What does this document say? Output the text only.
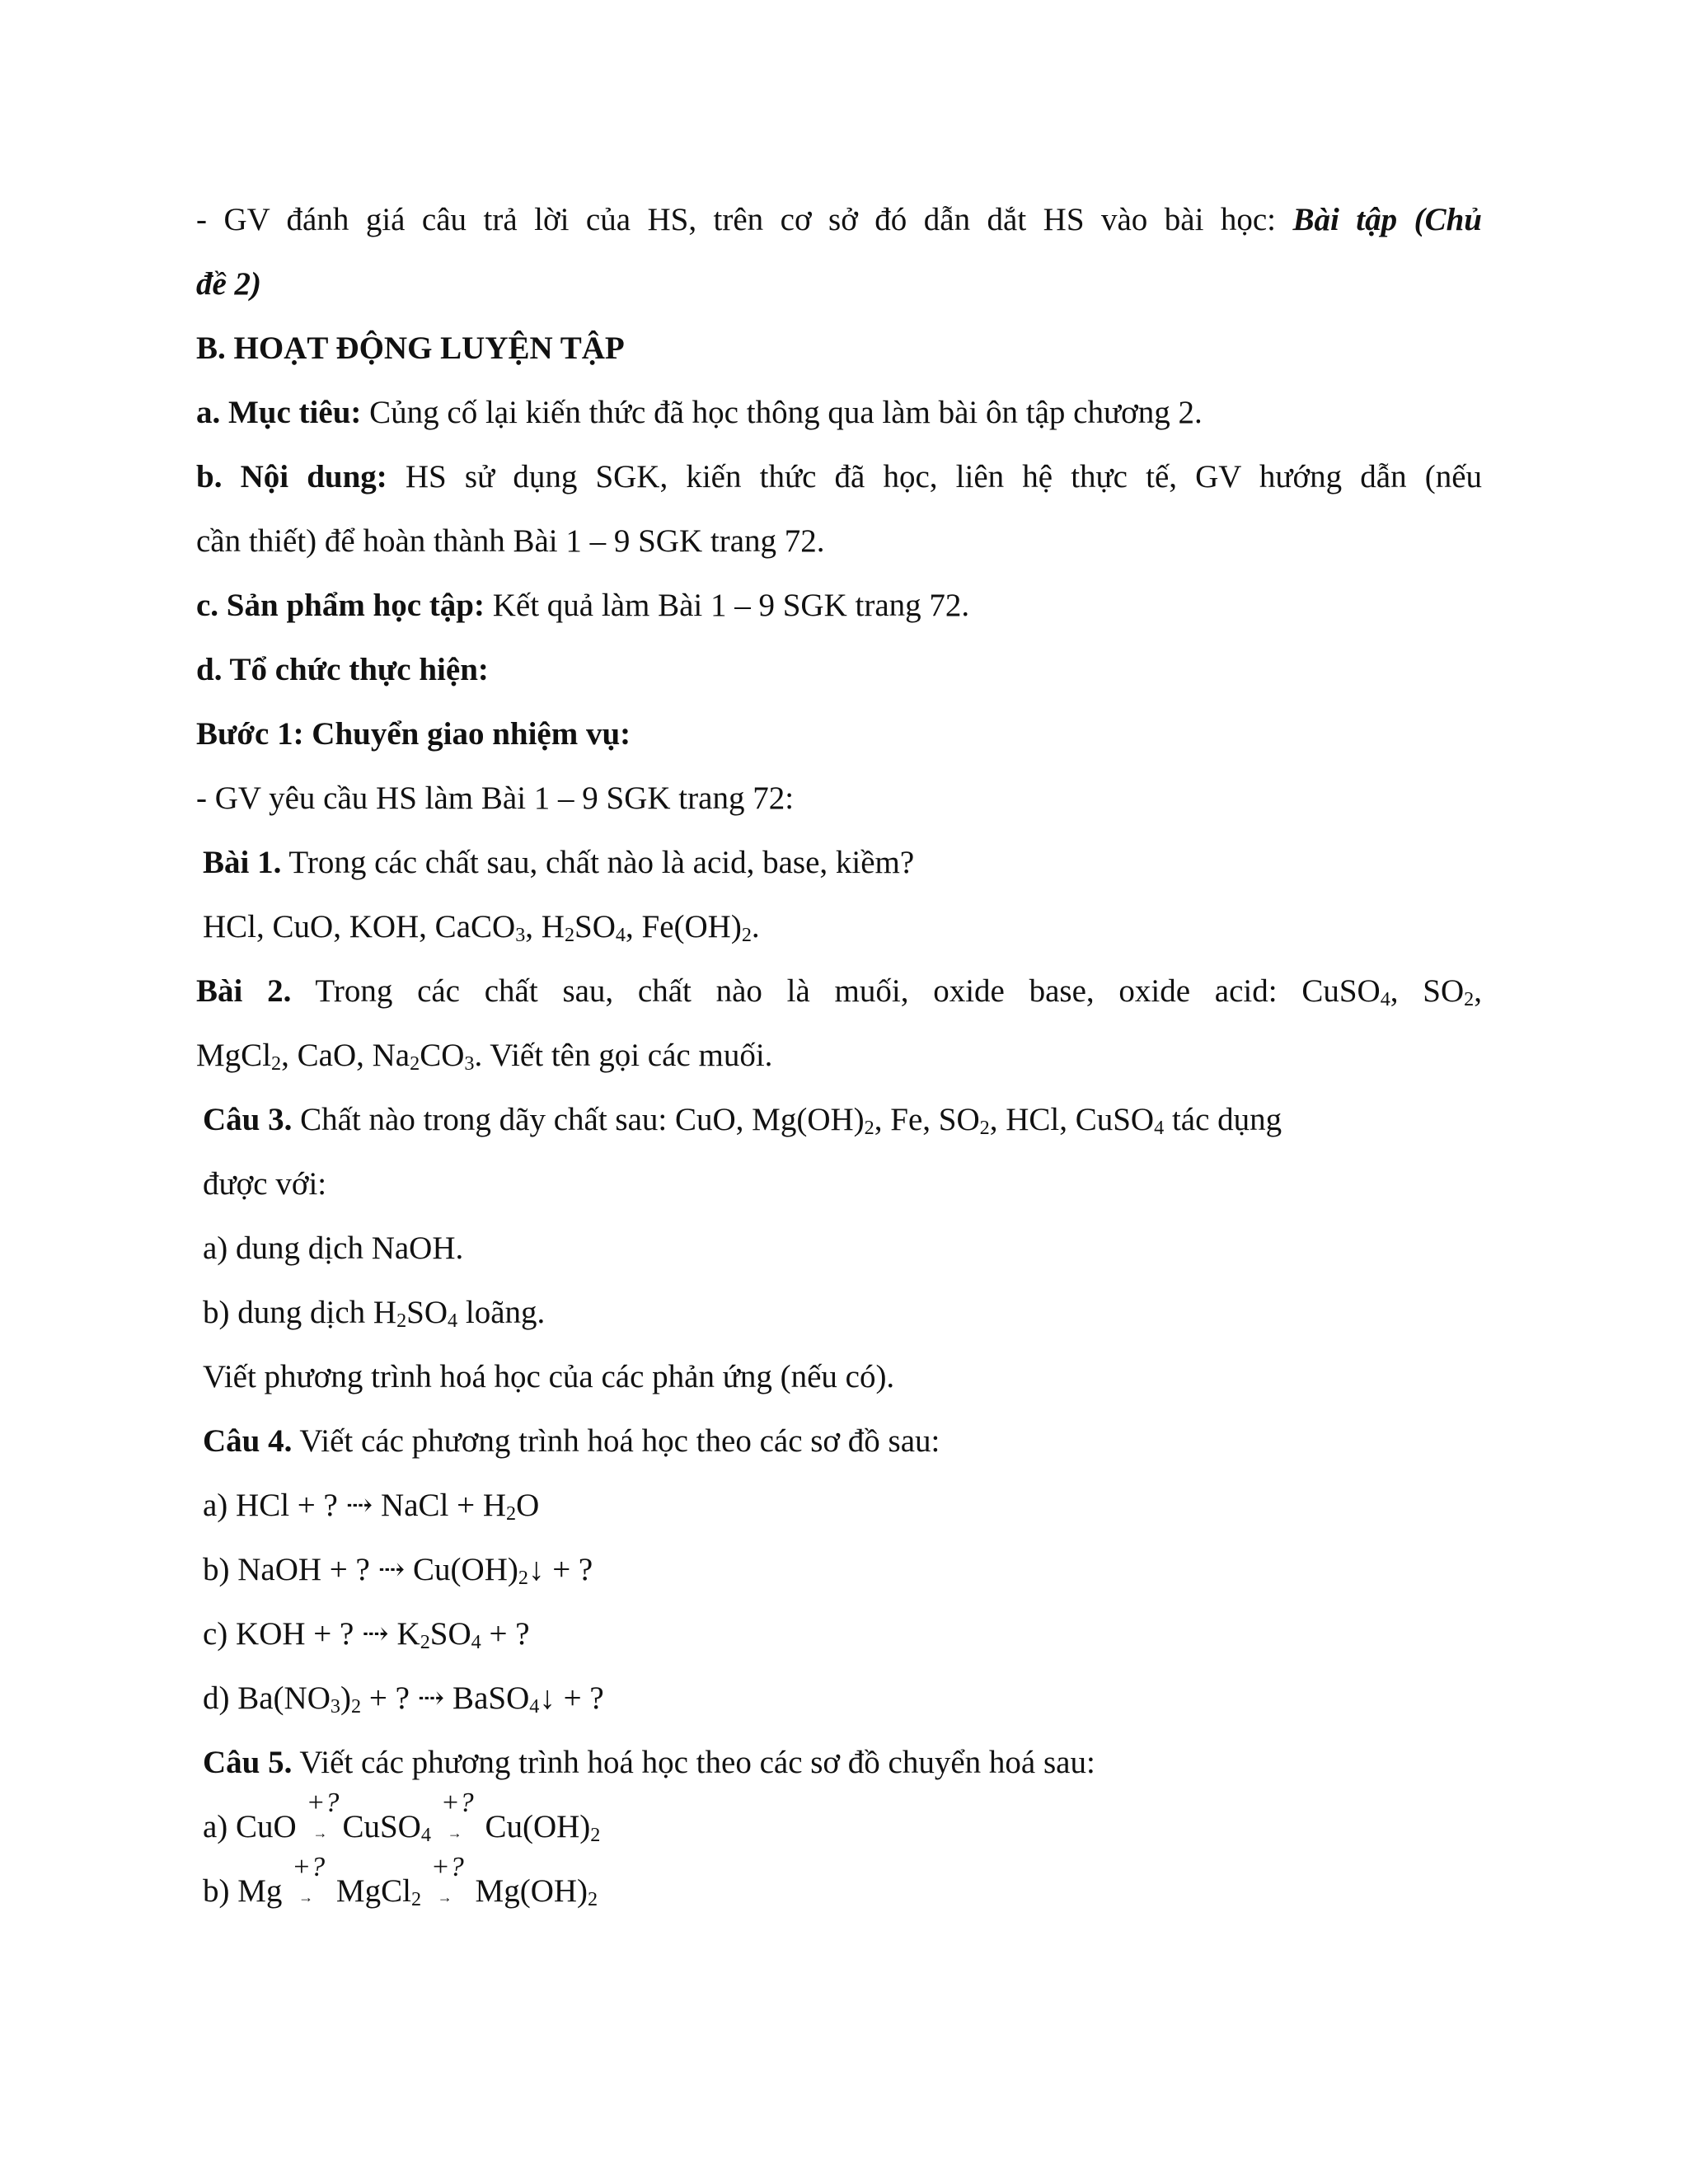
- GV đánh giá câu trả lời của HS, trên cơ sở đó dẫn dắt HS vào bài học: Bài tập (Chủ

đề 2)

B. HOẠT ĐỘNG LUYỆN TẬP

a. Mục tiêu: Củng cố lại kiến thức đã học thông qua làm bài ôn tập chương 2.

b. Nội dung: HS sử dụng SGK, kiến thức đã học, liên hệ thực tế, GV hướng dẫn (nếu

cần thiết) để hoàn thành Bài 1 – 9 SGK trang 72.

c. Sản phẩm học tập: Kết quả làm Bài 1 – 9 SGK trang 72.

d. Tổ chức thực hiện:

Bước 1: Chuyển giao nhiệm vụ:

- GV yêu cầu HS làm Bài 1 – 9 SGK trang 72:

Bài 1. Trong các chất sau, chất nào là acid, base, kiềm?

HCl, CuO, KOH, CaCO$_3$, $H_2SO_4$, $Fe(OH)_2$.

Bài 2. Trong các chất sau, chất nào là muối, oxide base, oxide acid: CuSO$_4$, $SO_2$,

MgCl$_2$, CaO, $Na_2CO_3$. Viết tên gọi các muối.

Câu 3. Chất nào trong dãy chất sau: CuO, $Mg(OH)_2$, Fe, $SO_2$, HCl, CuSO$_4$ tác dụng

được với:

a) dung dịch NaOH.

b) dung dịch $H_2SO_4$ loãng.

Viết phương trình hoá học của các phản ứng (nếu có).

Câu 4. Viết các phương trình hoá học theo các sơ đồ sau:

a) HCl + ? ⇢ NaCl + $H_2O$

b) NaOH + ? ⇢ $Cu(OH)_2↓$ + ?

c) KOH + ? ⇢ $K_2SO_4$ + ?

d) $Ba(NO_3)_2$ + ? ⇢ BaSO$_4$↓ + ?

Câu 5. Viết các phương trình hoá học theo các sơ đồ chuyển hoá sau:

a) CuO
+?
→ CuSO$_4$
+?
→ $Cu(OH)_2$

b) Mg
+?
→ MgCl$_2$
+?
→ $Mg(OH)_2$
